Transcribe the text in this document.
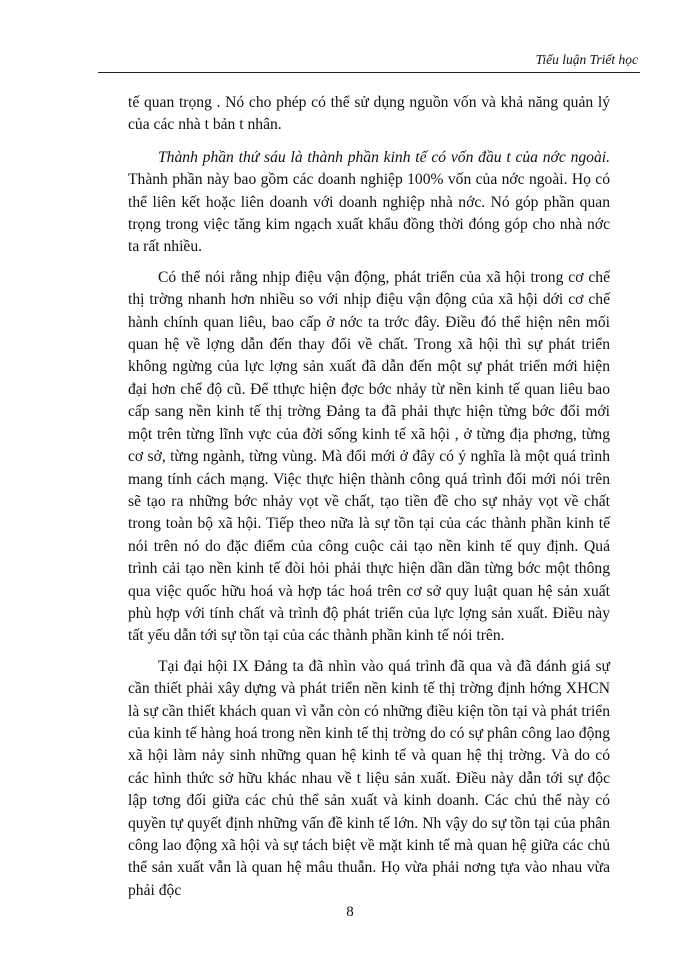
Tiểu luận Triết học

tế quan trọng . Nó cho phép có thể sử dụng nguồn vốn và khả năng quản lý của các nhà t bản t nhân.

Thành phần thứ sáu là thành phần kinh tế có vốn đầu t của nớc ngoài. Thành phần này bao gồm các doanh nghiệp 100% vốn của nớc ngoài. Họ có thể liên kết hoặc liên doanh với doanh nghiệp nhà nớc. Nó góp phần quan trọng trong việc tăng kim ngạch xuất khẩu đồng thời đóng góp cho nhà nớc ta rất nhiều.

Có thể nói rằng nhịp điệu vận động, phát triển của xã hội trong cơ chế thị trờng nhanh hơn nhiều so với nhịp điệu vận động của xã hội dới cơ chế hành chính quan liêu, bao cấp ở nớc ta trớc đây. Điều đó thể hiện nên mối quan hệ về lợng dẫn đến thay đổi về chất. Trong xã hội thì sự phát triển không ngừng của lực lợng sản xuất đã dẫn đến một sự phát triển mới hiện đại hơn chế độ cũ. Để tthực hiện đợc bớc nhảy từ nền kinh tế quan liêu bao cấp sang nền kinh tế thị trờng Đảng ta đã phải thực hiện từng bớc đổi mới một trên từng lĩnh vực của đời sống kinh tế xã hội , ở từng địa phơng, từng cơ sở, từng ngành, từng vùng. Mà đổi mới ở đây có ý nghĩa là một quá trình mang tính cách mạng. Việc thực hiện thành công quá trình đổi mới nói trên sẽ tạo ra những bớc nhảy vọt về chất, tạo tiền đề cho sự nhảy vọt về chất trong toàn bộ xã hội. Tiếp theo nữa là sự tồn tại của các thành phần kinh tế nói trên nó do đặc điểm của công cuộc cải tạo nền kinh tế quy định. Quá trình cải tạo nền kinh tế đòi hỏi phải thực hiện dần dần từng bớc một thông qua việc quốc hữu hoá và hợp tác hoá trên cơ sở quy luật quan hệ sản xuất phù hợp với tính chất và trình độ phát triển của lực lợng sản xuất. Điều này tất yếu dẫn tới sự tồn tại của các thành phần kinh tế nói trên.

Tại đại hội IX Đảng ta đã nhìn vào quá trình đã qua và đã đánh giá sự cần thiết phải xây dựng và phát triển nền kinh tế thị trờng định hớng XHCN là sự cần thiết khách quan vì vẫn còn có những điều kiện tồn tại và phát triển của kinh tế hàng hoá trong nền kinh tế thị trờng do có sự phân công lao động xã hội làm nảy sinh những quan hệ kinh tế và quan hệ thị trờng. Và do có các hình thức sở hữu khác nhau về t liệu sản xuất. Điều này dẫn tới sự độc lập tơng đối giữa các chủ thể sản xuất và kinh doanh. Các chủ thể này có quyền tự quyết định những vấn đề kinh tế lớn. Nh vậy do sự tồn tại của phân công lao động xã hội và sự tách biệt về mặt kinh tế mà quan hệ giữa các chủ thể sản xuất vẫn là quan hệ mâu thuẫn. Họ vừa phải nơng tựa vào nhau vừa phải độc

8
